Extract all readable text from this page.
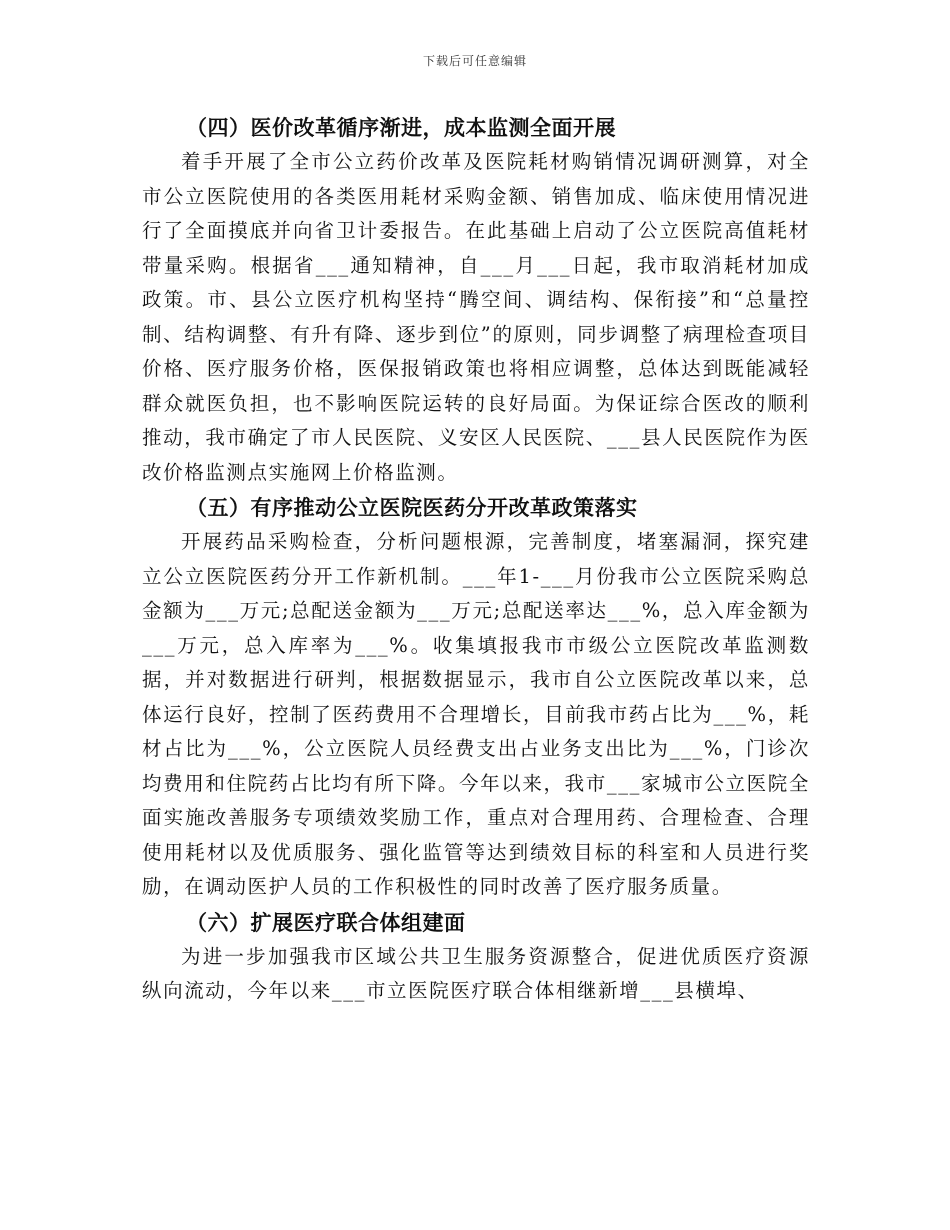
下载后可任意编辑
（四）医价改革循序渐进，成本监测全面开展

着手开展了全市公立药价改革及医院耗材购销情况调研测算，对全市公立医院使用的各类医用耗材采购金额、销售加成、临床使用情况进行了全面摸底并向省卫计委报告。在此基础上启动了公立医院高值耗材带量采购。根据省___通知精神，自___月___日起，我市取消耗材加成政策。市、县公立医疗机构坚持“腾空间、调结构、保衔接”和“总量控制、结构调整、有升有降、逐步到位”的原则，同步调整了病理检查项目价格、医疗服务价格，医保报销政策也将相应调整，总体达到既能减轻群众就医负担，也不影响医院运转的良好局面。为保证综合医改的顺利推动，我市确定了市人民医院、义安区人民医院、___县人民医院作为医改价格监测点实施网上价格监测。

（五）有序推动公立医院医药分开改革政策落实

开展药品采购检查，分析问题根源，完善制度，堵塞漏洞，探究建立公立医院医药分开工作新机制。___年1-___月份我市公立医院采购总金额为___万元;总配送金额为___万元;总配送率达___%，总入库金额为___万元，总入库率为___%。收集填报我市市级公立医院改革监测数据，并对数据进行研判，根据数据显示，我市自公立医院改革以来，总体运行良好，控制了医药费用不合理增长，目前我市药占比为___%，耗材占比为___%，公立医院人员经费支出占业务支出比为___%，门诊次均费用和住院药占比均有所下降。今年以来，我市___家城市公立医院全面实施改善服务专项绩效奖励工作，重点对合理用药、合理检查、合理使用耗材以及优质服务、强化监管等达到绩效目标的科室和人员进行奖励，在调动医护人员的工作积极性的同时改善了医疗服务质量。

（六）扩展医疗联合体组建面

为进一步加强我市区域公共卫生服务资源整合，促进优质医疗资源纵向流动，今年以来___市立医院医疗联合体相继新增___县横埠、
